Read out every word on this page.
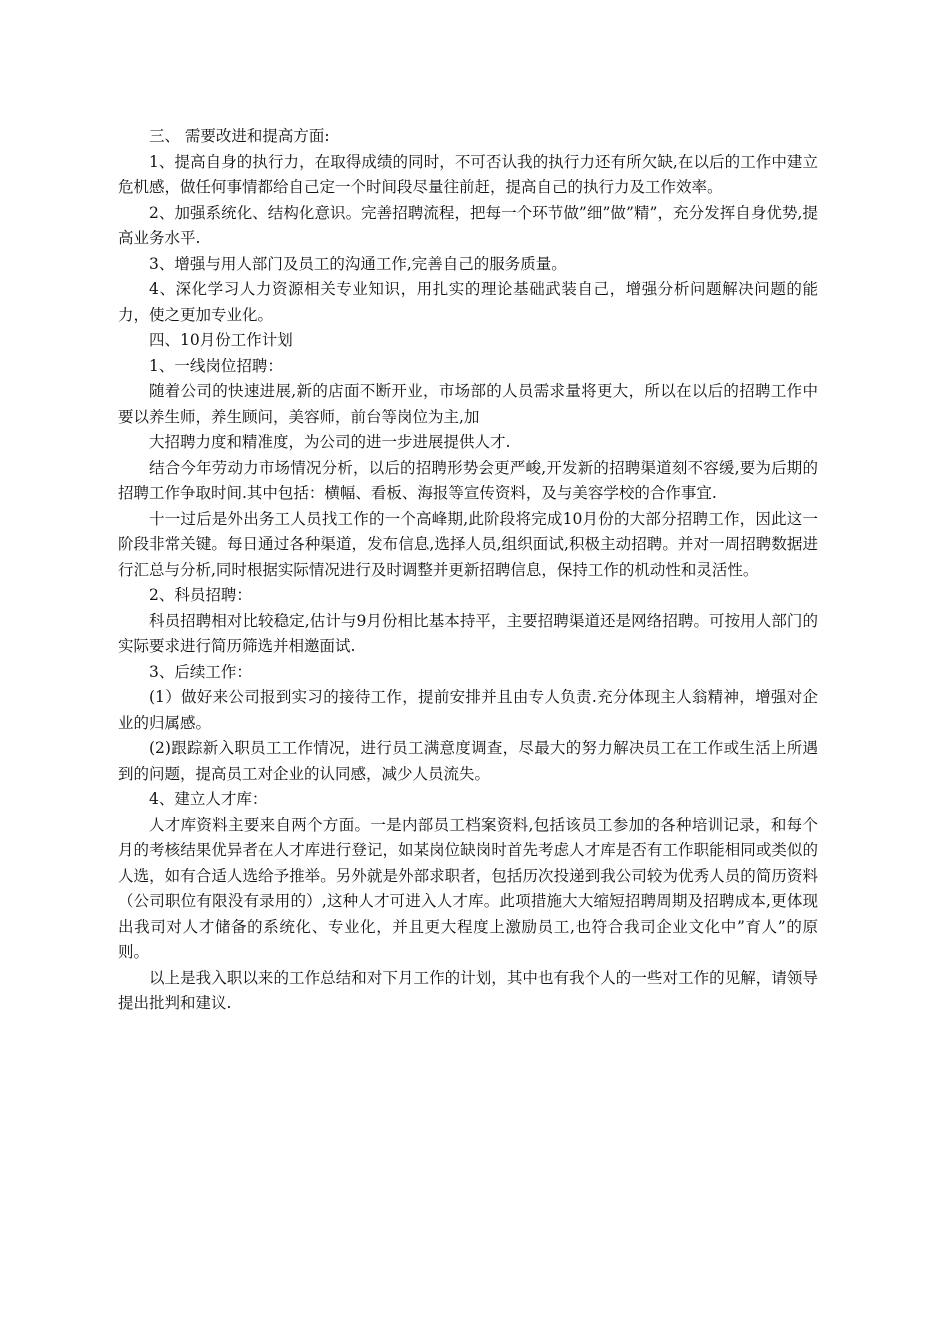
三、 需要改进和提高方面:

1、提高自身的执行力，在取得成绩的同时，不可否认我的执行力还有所欠缺,在以后的工作中建立危机感，做任何事情都给自己定一个时间段尽量往前赶，提高自己的执行力及工作效率。

2、加强系统化、结构化意识。完善招聘流程，把每一个环节做”细”做”精”，充分发挥自身优势,提高业务水平.

3、增强与用人部门及员工的沟通工作,完善自己的服务质量。

4、深化学习人力资源相关专业知识，用扎实的理论基础武装自己，增强分析问题解决问题的能力，使之更加专业化。

四、10月份工作计划

1、一线岗位招聘：

随着公司的快速进展,新的店面不断开业，市场部的人员需求量将更大，所以在以后的招聘工作中要以养生师，养生顾问，美容师，前台等岗位为主,加

大招聘力度和精准度，为公司的进一步进展提供人才.

结合今年劳动力市场情况分析，以后的招聘形势会更严峻,开发新的招聘渠道刻不容缓,要为后期的招聘工作争取时间.其中包括：横幅、看板、海报等宣传资料，及与美容学校的合作事宜.

十一过后是外出务工人员找工作的一个高峰期,此阶段将完成10月份的大部分招聘工作，因此这一阶段非常关键。每日通过各种渠道，发布信息,选择人员,组织面试,积极主动招聘。并对一周招聘数据进行汇总与分析,同时根据实际情况进行及时调整并更新招聘信息，保持工作的机动性和灵活性。

2、科员招聘：

科员招聘相对比较稳定,估计与9月份相比基本持平，主要招聘渠道还是网络招聘。可按用人部门的实际要求进行简历筛选并相邀面试.

3、后续工作：

(1）做好来公司报到实习的接待工作，提前安排并且由专人负责.充分体现主人翁精神，增强对企业的归属感。

(2)跟踪新入职员工工作情况，进行员工满意度调查，尽最大的努力解决员工在工作或生活上所遇到的问题，提高员工对企业的认同感，减少人员流失。

4、建立人才库：

人才库资料主要来自两个方面。一是内部员工档案资料,包括该员工参加的各种培训记录，和每个月的考核结果优异者在人才库进行登记，如某岗位缺岗时首先考虑人才库是否有工作职能相同或类似的人选，如有合适人选给予推举。另外就是外部求职者，包括历次投递到我公司较为优秀人员的简历资料（公司职位有限没有录用的）,这种人才可进入人才库。此项措施大大缩短招聘周期及招聘成本,更体现出我司对人才储备的系统化、专业化，并且更大程度上激励员工,也符合我司企业文化中”育人”的原则。

以上是我入职以来的工作总结和对下月工作的计划，其中也有我个人的一些对工作的见解，请领导提出批判和建议.
